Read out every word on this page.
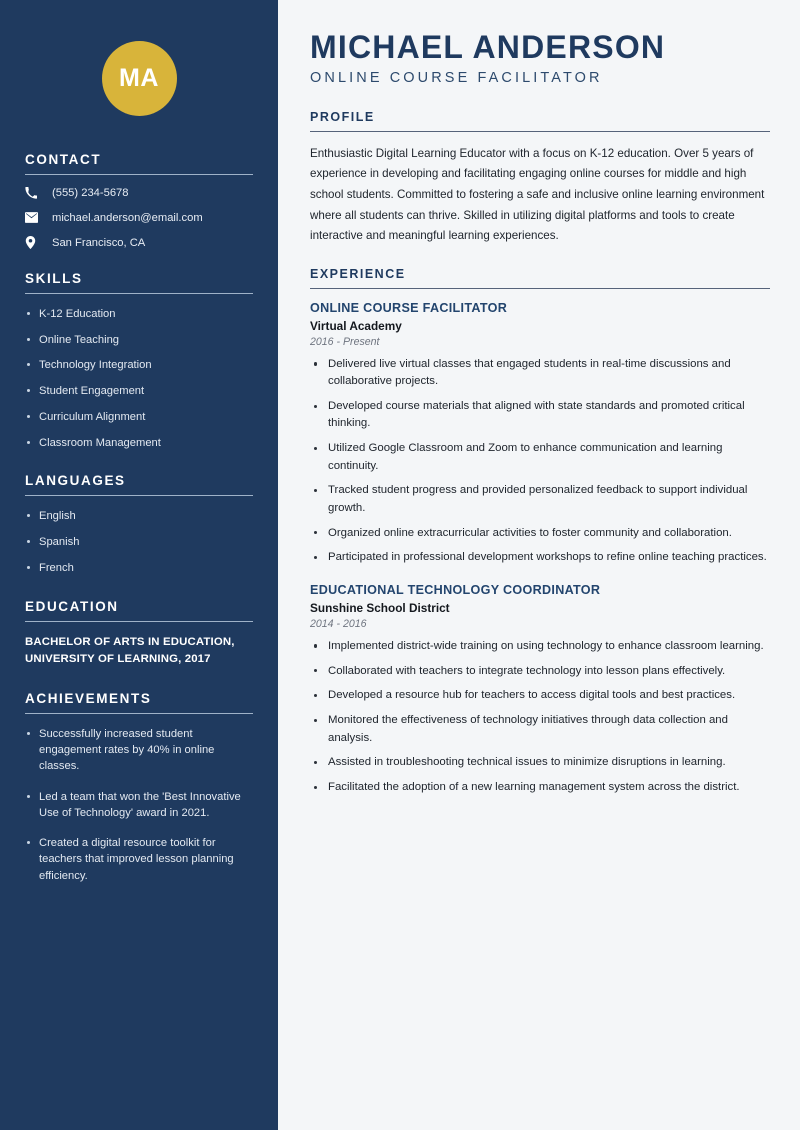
MA
CONTACT
(555) 234-5678
michael.anderson@email.com
San Francisco, CA
SKILLS
K-12 Education
Online Teaching
Technology Integration
Student Engagement
Curriculum Alignment
Classroom Management
LANGUAGES
English
Spanish
French
EDUCATION
BACHELOR OF ARTS IN EDUCATION, UNIVERSITY OF LEARNING, 2017
ACHIEVEMENTS
Successfully increased student engagement rates by 40% in online classes.
Led a team that won the 'Best Innovative Use of Technology' award in 2021.
Created a digital resource toolkit for teachers that improved lesson planning efficiency.
MICHAEL ANDERSON
ONLINE COURSE FACILITATOR
PROFILE

Enthusiastic Digital Learning Educator with a focus on K-12 education. Over 5 years of experience in developing and facilitating engaging online courses for middle and high school students. Committed to fostering a safe and inclusive online learning environment where all students can thrive. Skilled in utilizing digital platforms and tools to create interactive and meaningful learning experiences.

EXPERIENCE
ONLINE COURSE FACILITATOR
Virtual Academy
2016 - Present
Delivered live virtual classes that engaged students in real-time discussions and collaborative projects.
Developed course materials that aligned with state standards and promoted critical thinking.
Utilized Google Classroom and Zoom to enhance communication and learning continuity.
Tracked student progress and provided personalized feedback to support individual growth.
Organized online extracurricular activities to foster community and collaboration.
Participated in professional development workshops to refine online teaching practices.
EDUCATIONAL TECHNOLOGY COORDINATOR
Sunshine School District
2014 - 2016
Implemented district-wide training on using technology to enhance classroom learning.
Collaborated with teachers to integrate technology into lesson plans effectively.
Developed a resource hub for teachers to access digital tools and best practices.
Monitored the effectiveness of technology initiatives through data collection and analysis.
Assisted in troubleshooting technical issues to minimize disruptions in learning.
Facilitated the adoption of a new learning management system across the district.
